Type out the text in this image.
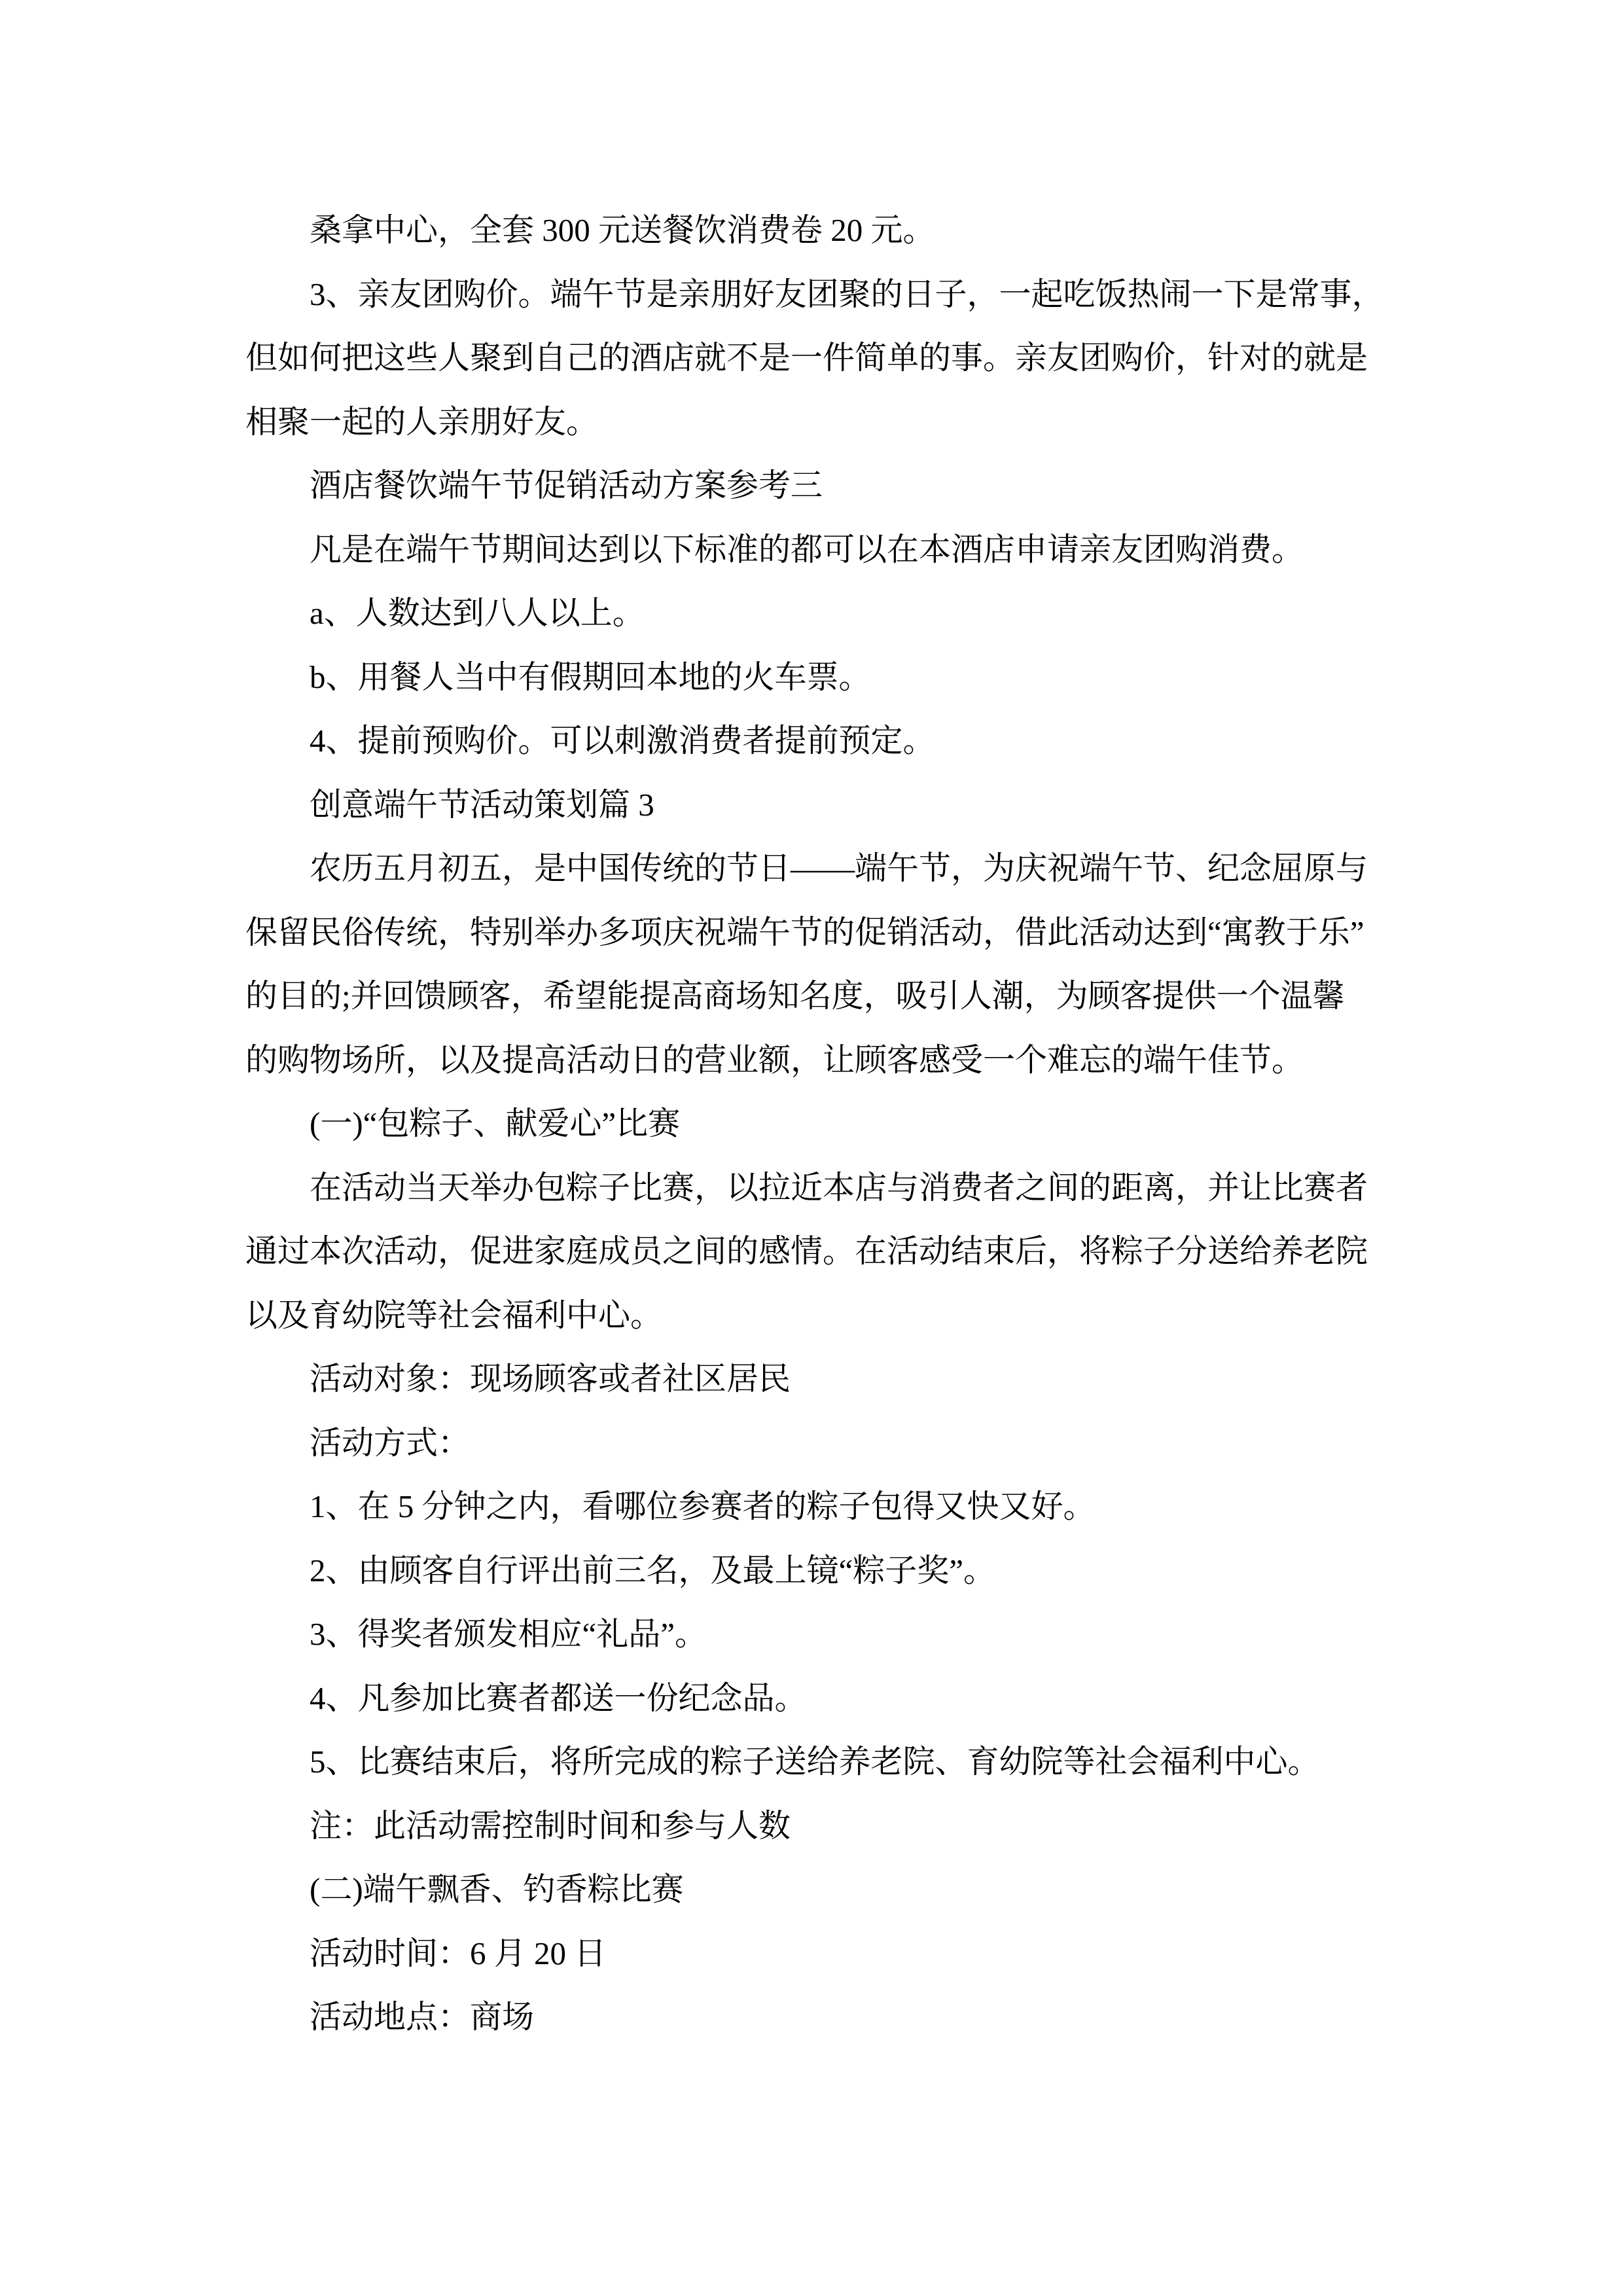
桑拿中心，全套 300 元送餐饮消费卷 20 元。
3、亲友团购价。端午节是亲朋好友团聚的日子，一起吃饭热闹一下是常事，
但如何把这些人聚到自己的酒店就不是一件简单的事。亲友团购价，针对的就是
相聚一起的人亲朋好友。
酒店餐饮端午节促销活动方案参考三
凡是在端午节期间达到以下标准的都可以在本酒店申请亲友团购消费。
a、人数达到八人以上。
b、用餐人当中有假期回本地的火车票。
4、提前预购价。可以刺激消费者提前预定。
创意端午节活动策划篇 3
农历五月初五，是中国传统的节日——端午节，为庆祝端午节、纪念屈原与
保留民俗传统，特别举办多项庆祝端午节的促销活动，借此活动达到“寓教于乐”
的目的;并回馈顾客，希望能提高商场知名度，吸引人潮，为顾客提供一个温馨
的购物场所，以及提高活动日的营业额，让顾客感受一个难忘的端午佳节。
(一)“包粽子、献爱心”比赛
在活动当天举办包粽子比赛，以拉近本店与消费者之间的距离，并让比赛者
通过本次活动，促进家庭成员之间的感情。在活动结束后，将粽子分送给养老院
以及育幼院等社会福利中心。
活动对象：现场顾客或者社区居民
活动方式：
1、在 5 分钟之内，看哪位参赛者的粽子包得又快又好。
2、由顾客自行评出前三名，及最上镜“粽子奖”。
3、得奖者颁发相应“礼品”。
4、凡参加比赛者都送一份纪念品。
5、比赛结束后，将所完成的粽子送给养老院、育幼院等社会福利中心。
注：此活动需控制时间和参与人数
(二)端午飘香、钓香粽比赛
活动时间：6 月 20 日
活动地点：商场
